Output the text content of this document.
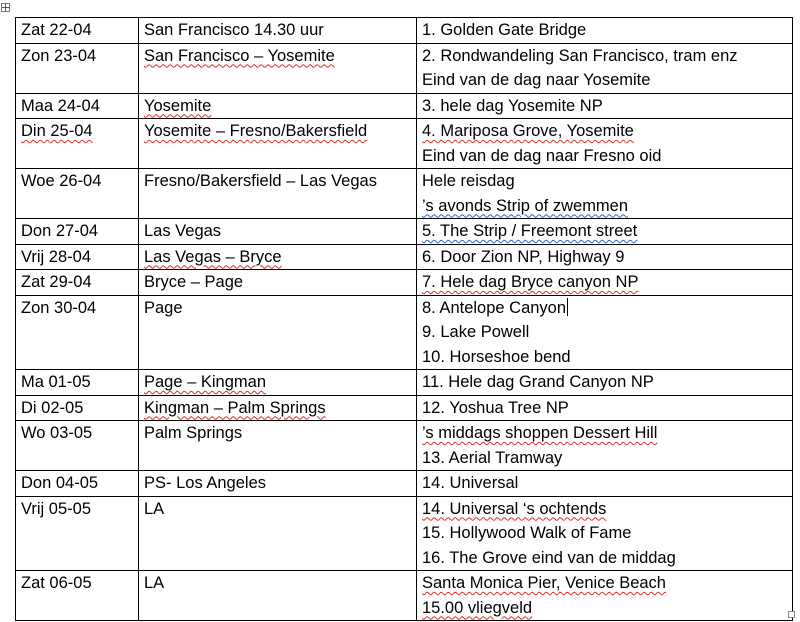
Zat 22-04	San Francisco 14.30 uur	1. Golden Gate Bridge

Zon 23-04	San Francisco – Yosemite	2. Rondwandeling San Francisco, tram enz
Eind van de dag naar Yosemite

Maa 24-04	Yosemite	3. hele dag Yosemite NP

Din 25-04	Yosemite – Fresno/Bakersfield	4. Mariposa Grove, Yosemite
Eind van de dag naar Fresno oid

Woe 26-04	Fresno/Bakersfield – Las Vegas	Hele reisdag
’s avonds Strip of zwemmen

Don 27-04	Las Vegas	5. The Strip / Freemont street

Vrij 28-04	Las Vegas – Bryce	6. Door Zion NP, Highway 9

Zat 29-04	Bryce – Page	7. Hele dag Bryce canyon NP

Zon 30-04	Page	8. Antelope Canyon
9. Lake Powell
10. Horseshoe bend

Ma 01-05	Page – Kingman	11. Hele dag Grand Canyon NP

Di 02-05	Kingman – Palm Springs	12. Yoshua Tree NP

Wo 03-05	Palm Springs	’s middags shoppen Dessert Hill
13. Aerial Tramway

Don 04-05	PS- Los Angeles	14. Universal

Vrij 05-05	LA	14. Universal ‘s ochtends
15. Hollywood Walk of Fame
16. The Grove eind van de middag

Zat 06-05	LA	Santa Monica Pier, Venice Beach
15.00 vliegveld
